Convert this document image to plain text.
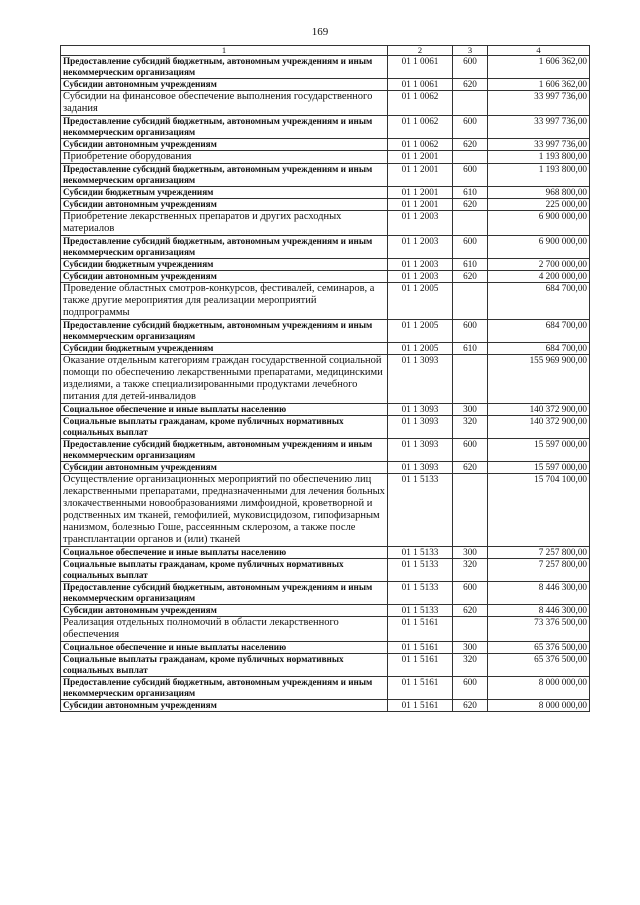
169
1	2	3	4
Предоставление субсидий бюджетным, автономным учреждениям и иным некоммерческим организациям	01 1 0061	600	1 606 362,00
Субсидии автономным учреждениям	01 1 0061	620	1 606 362,00
Субсидии на финансовое обеспечение выполнения государственного задания	01 1 0062		33 997 736,00
Предоставление субсидий бюджетным, автономным учреждениям и иным некоммерческим организациям	01 1 0062	600	33 997 736,00
Субсидии автономным учреждениям	01 1 0062	620	33 997 736,00
Приобретение оборудования	01 1 2001		1 193 800,00
Предоставление субсидий бюджетным, автономным учреждениям и иным некоммерческим организациям	01 1 2001	600	1 193 800,00
Субсидии бюджетным учреждениям	01 1 2001	610	968 800,00
Субсидии автономным учреждениям	01 1 2001	620	225 000,00
Приобретение лекарственных препаратов и других расходных материалов	01 1 2003		6 900 000,00
Предоставление субсидий бюджетным, автономным учреждениям и иным некоммерческим организациям	01 1 2003	600	6 900 000,00
Субсидии бюджетным учреждениям	01 1 2003	610	2 700 000,00
Субсидии автономным учреждениям	01 1 2003	620	4 200 000,00
Проведение областных смотров-конкурсов, фестивалей, семинаров, а также другие мероприятия для реализации мероприятий подпрограммы	01 1 2005		684 700,00
Предоставление субсидий бюджетным, автономным учреждениям и иным некоммерческим организациям	01 1 2005	600	684 700,00
Субсидии бюджетным учреждениям	01 1 2005	610	684 700,00
Оказание отдельным категориям граждан государственной социальной помощи по обеспечению лекарственными препаратами, медицинскими изделиями, а также специализированными продуктами лечебного питания для детей-инвалидов	01 1 3093		155 969 900,00
Социальное обеспечение и иные выплаты населению	01 1 3093	300	140 372 900,00
Социальные выплаты гражданам, кроме публичных нормативных социальных выплат	01 1 3093	320	140 372 900,00
Предоставление субсидий бюджетным, автономным учреждениям и иным некоммерческим организациям	01 1 3093	600	15 597 000,00
Субсидии автономным учреждениям	01 1 3093	620	15 597 000,00
Осуществление организационных мероприятий по обеспечению лиц лекарственными препаратами, предназначенными для лечения больных злокачественными новообразованиями лимфоидной, кроветворной и родственных им тканей, гемофилией, муковисцидозом, гипофизарным нанизмом, болезнью Гоше, рассеянным склерозом, а также после трансплантации органов и (или) тканей	01 1 5133		15 704 100,00
Социальное обеспечение и иные выплаты населению	01 1 5133	300	7 257 800,00
Социальные выплаты гражданам, кроме публичных нормативных социальных выплат	01 1 5133	320	7 257 800,00
Предоставление субсидий бюджетным, автономным учреждениям и иным некоммерческим организациям	01 1 5133	600	8 446 300,00
Субсидии автономным учреждениям	01 1 5133	620	8 446 300,00
Реализация отдельных полномочий в области лекарственного обеспечения	01 1 5161		73 376 500,00
Социальное обеспечение и иные выплаты населению	01 1 5161	300	65 376 500,00
Социальные выплаты гражданам, кроме публичных нормативных социальных выплат	01 1 5161	320	65 376 500,00
Предоставление субсидий бюджетным, автономным учреждениям и иным некоммерческим организациям	01 1 5161	600	8 000 000,00
Субсидии автономным учреждениям	01 1 5161	620	8 000 000,00
